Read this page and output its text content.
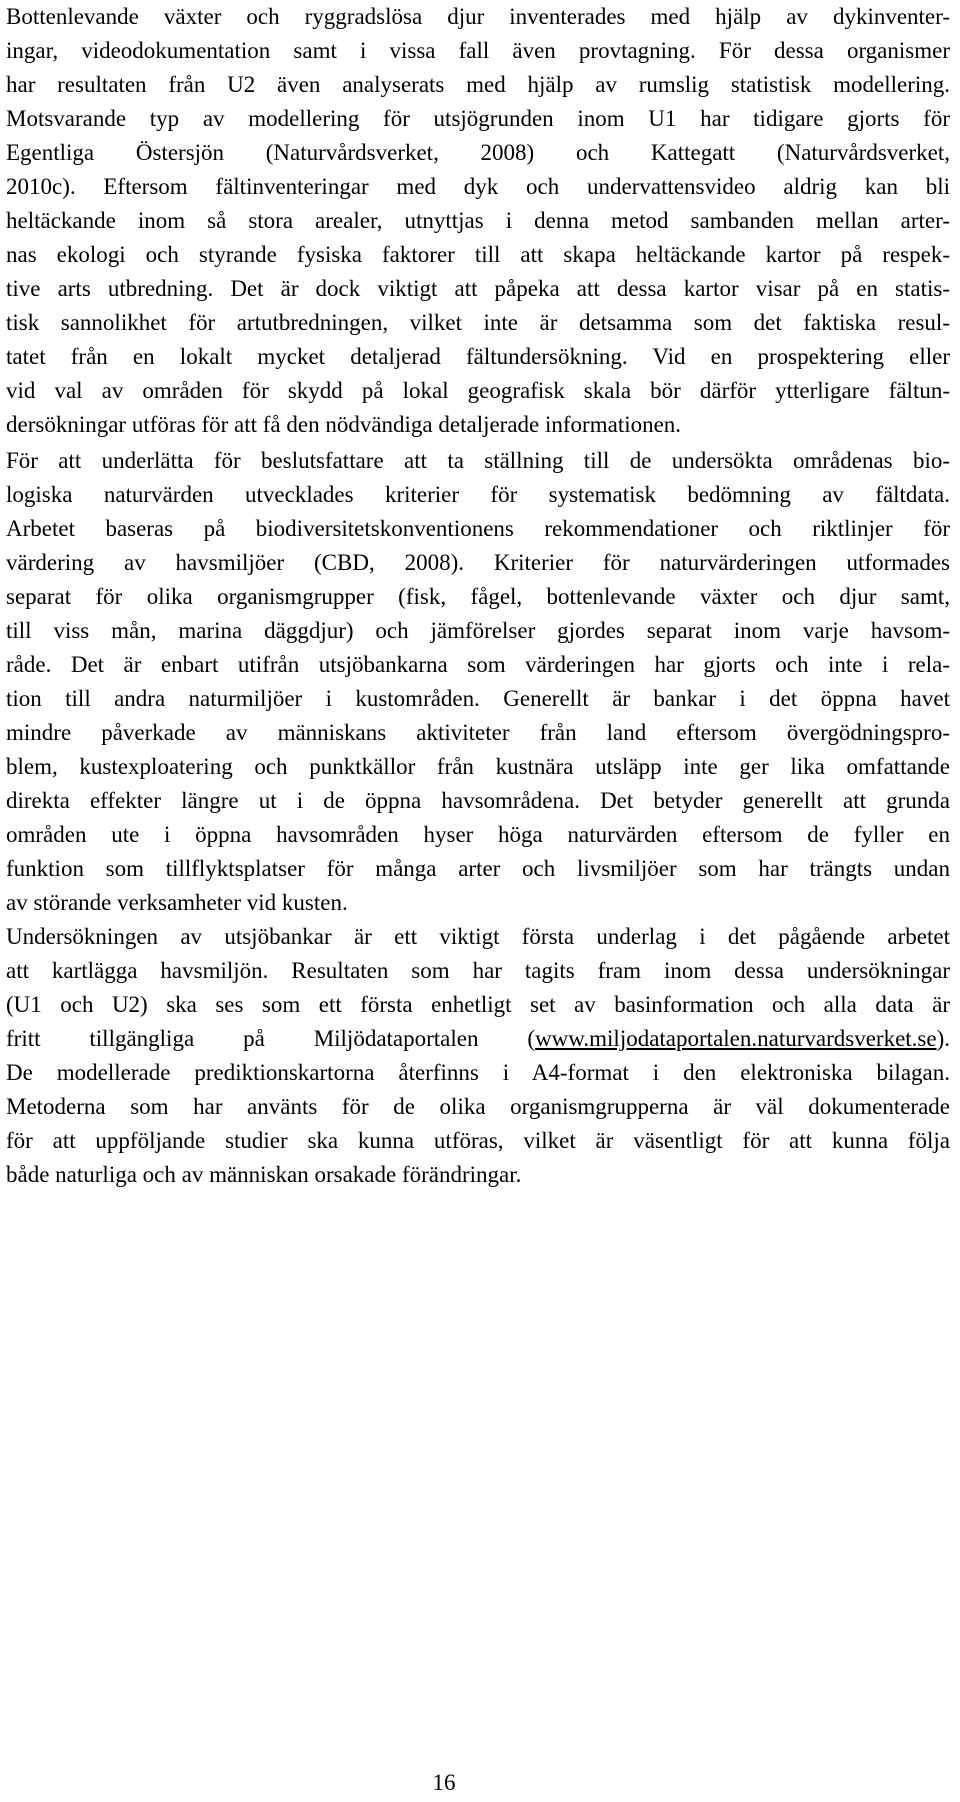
Bottenlevande växter och ryggradslösa djur inventerades med hjälp av dykinventer-
ingar, videodokumentation samt i vissa fall även provtagning. För dessa organismer
har resultaten från U2 även analyserats med hjälp av rumslig statistisk modellering.
Motsvarande typ av modellering för utsjögrunden inom U1 har tidigare gjorts för
Egentliga Östersjön (Naturvårdsverket, 2008) och Kattegatt (Naturvårdsverket,
2010c). Eftersom fältinventeringar med dyk och undervattensvideo aldrig kan bli
heltäckande inom så stora arealer, utnyttjas i denna metod sambanden mellan arter-
nas ekologi och styrande fysiska faktorer till att skapa heltäckande kartor på respek-
tive arts utbredning. Det är dock viktigt att påpeka att dessa kartor visar på en statis-
tisk sannolikhet för artutbredningen, vilket inte är detsamma som det faktiska resul-
tatet från en lokalt mycket detaljerad fältundersökning. Vid en prospektering eller
vid val av områden för skydd på lokal geografisk skala bör därför ytterligare fältun-
dersökningar utföras för att få den nödvändiga detaljerade informationen.
För att underlätta för beslutsfattare att ta ställning till de undersökta områdenas bio-
logiska naturvärden utvecklades kriterier för systematisk bedömning av fältdata.
Arbetet baseras på biodiversitetskonventionens rekommendationer och riktlinjer för
värdering av havsmiljöer (CBD, 2008). Kriterier för naturvärderingen utformades
separat för olika organismgrupper (fisk, fågel, bottenlevande växter och djur samt,
till viss mån, marina däggdjur) och jämförelser gjordes separat inom varje havsom-
råde. Det är enbart utifrån utsjöbankarna som värderingen har gjorts och inte i rela-
tion till andra naturmiljöer i kustområden. Generellt är bankar i det öppna havet
mindre påverkade av människans aktiviteter från land eftersom övergödningspro-
blem, kustexploatering och punktkällor från kustnära utsläpp inte ger lika omfattande
direkta effekter längre ut i de öppna havsområdena. Det betyder generellt att grunda
områden ute i öppna havsområden hyser höga naturvärden eftersom de fyller en
funktion som tillflyktsplatser för många arter och livsmiljöer som har trängts undan
av störande verksamheter vid kusten.
Undersökningen av utsjöbankar är ett viktigt första underlag i det pågående arbetet
att kartlägga havsmiljön. Resultaten som har tagits fram inom dessa undersökningar
(U1 och U2) ska ses som ett första enhetligt set av basinformation och alla data är
fritt tillgängliga på Miljödataportalen (www.miljodataportalen.naturvardsverket.se).
De modellerade prediktionskartorna återfinns i A4-format i den elektroniska bilagan.
Metoderna som har använts för de olika organismgrupperna är väl dokumenterade
för att uppföljande studier ska kunna utföras, vilket är väsentligt för att kunna följa
både naturliga och av människan orsakade förändringar.
16
